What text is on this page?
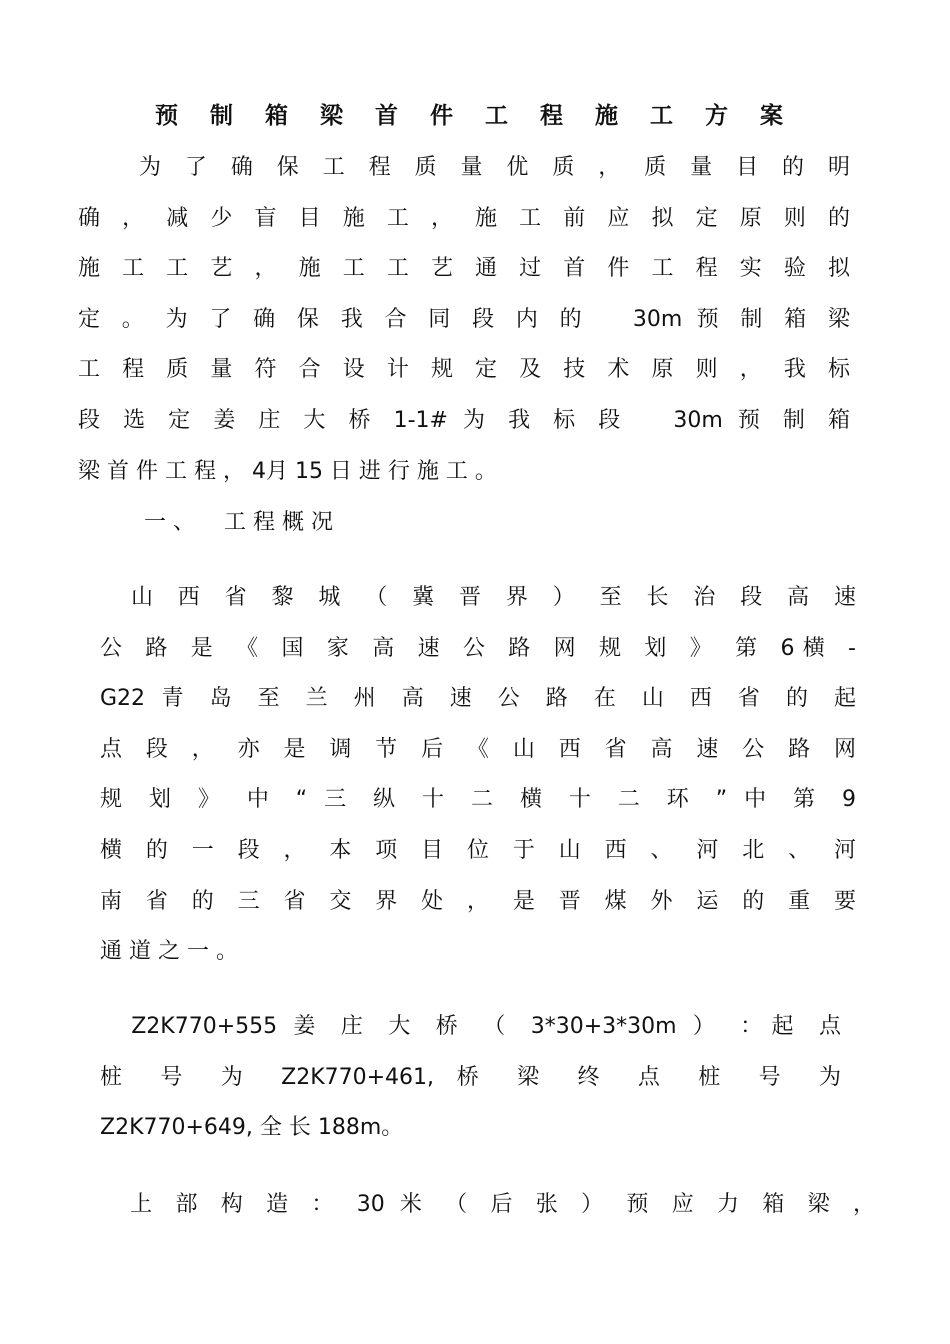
预 制 箱 梁 首 件 工 程 施 工 方 案
　　为 了 确 保 工 程 质 量 优 质 ， 质 量 目 的 明
确 ， 减 少 盲 目 施 工 ， 施 工 前 应 拟 定 原 则 的
施 工 工 艺 ， 施 工 工 艺 通 过 首 件 工 程 实 验 拟
定 。 为 了 确 保 我 合 同 段 内 的 　30m 预 制 箱 梁
工 程 质 量 符 合 设 计 规 定 及 技 术 原 则 ， 我 标
段 选 定 姜 庄 大 桥 1-1# 为 我 标 段 　30m 预 制 箱
梁 首 件 工 程 ， 4月 15 日 进 行 施 工 。
一 、 　工 程 概 况
　山 西 省 黎 城 （ 冀 晋 界 ） 至 长 治 段 高 速
公 路 是 《 国 家 高 速 公 路 网 规 划 》 第 6横 -
G22 青 岛 至 兰 州 高 速 公 路 在 山 西 省 的 起
点 段 ， 亦 是 调 节 后 《 山 西 省 高 速 公 路 网
规 划 》 中 “ 三 纵 十 二 横 十 二 环 ” 中 第 9
横 的 一 段 ， 本 项 目 位 于 山 西 、 河 北 、 河
南 省 的 三 省 交 界 处 ， 是 晋 煤 外 运 的 重 要
通 道 之 一 。
　Z2K770+555 姜 庄 大 桥 （ 3*30+3*30m ） ：起 点
桩 号 为 Z2K770+461, 桥 梁 终 点 桩 号 为
Z2K770+649, 全 长 188m。
　上 部 构 造 ： 30 米 （ 后 张 ） 预 应 力 箱 梁 ，
